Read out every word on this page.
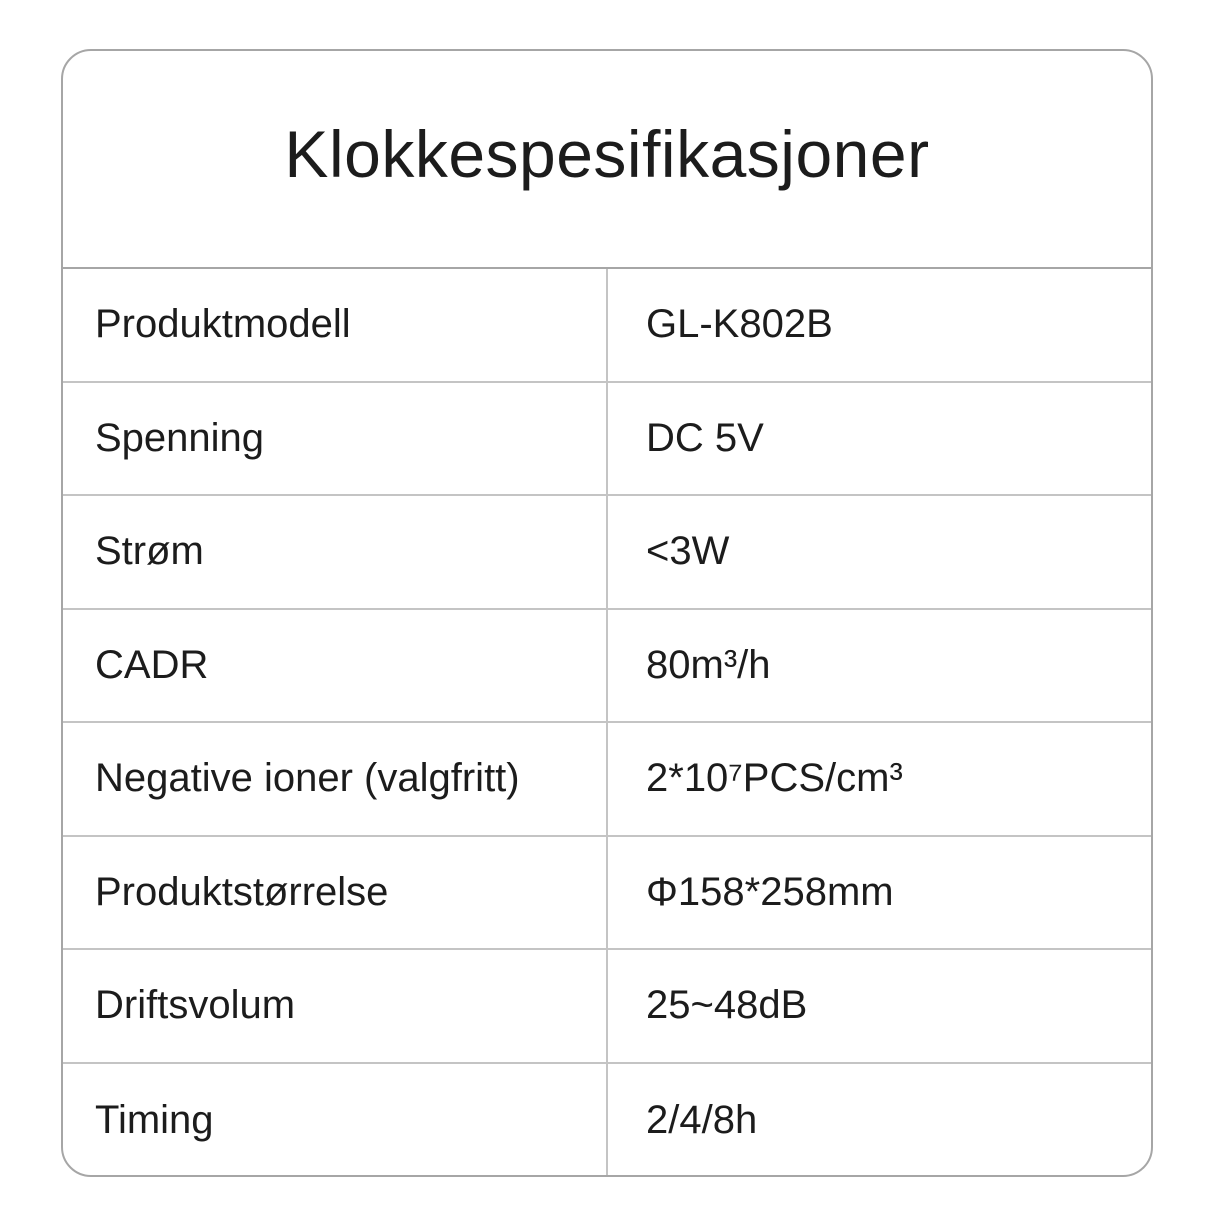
Klokkespesifikasjoner
Produktmodell	GL-K802B
Spenning	DC 5V
Strøm	<3W
CADR	80m³/h
Negative ioner (valgfritt)	2*10⁷PCS/cm³
Produktstørrelse	Φ158*258mm
Driftsvolum	25~48dB
Timing	2/4/8h
